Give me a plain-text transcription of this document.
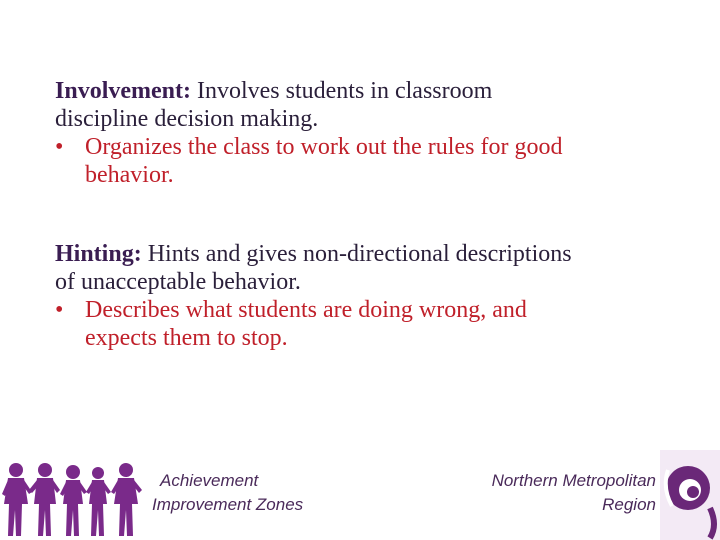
Involvement: Involves students in classroom
discipline decision making.
• Organizes the class to work out the rules for good
behavior.
Hinting: Hints and gives non-directional descriptions
of unacceptable behavior.
• Describes what students are doing wrong, and
expects them to stop.
Achievement
Improvement Zones
Northern Metropolitan
Region
